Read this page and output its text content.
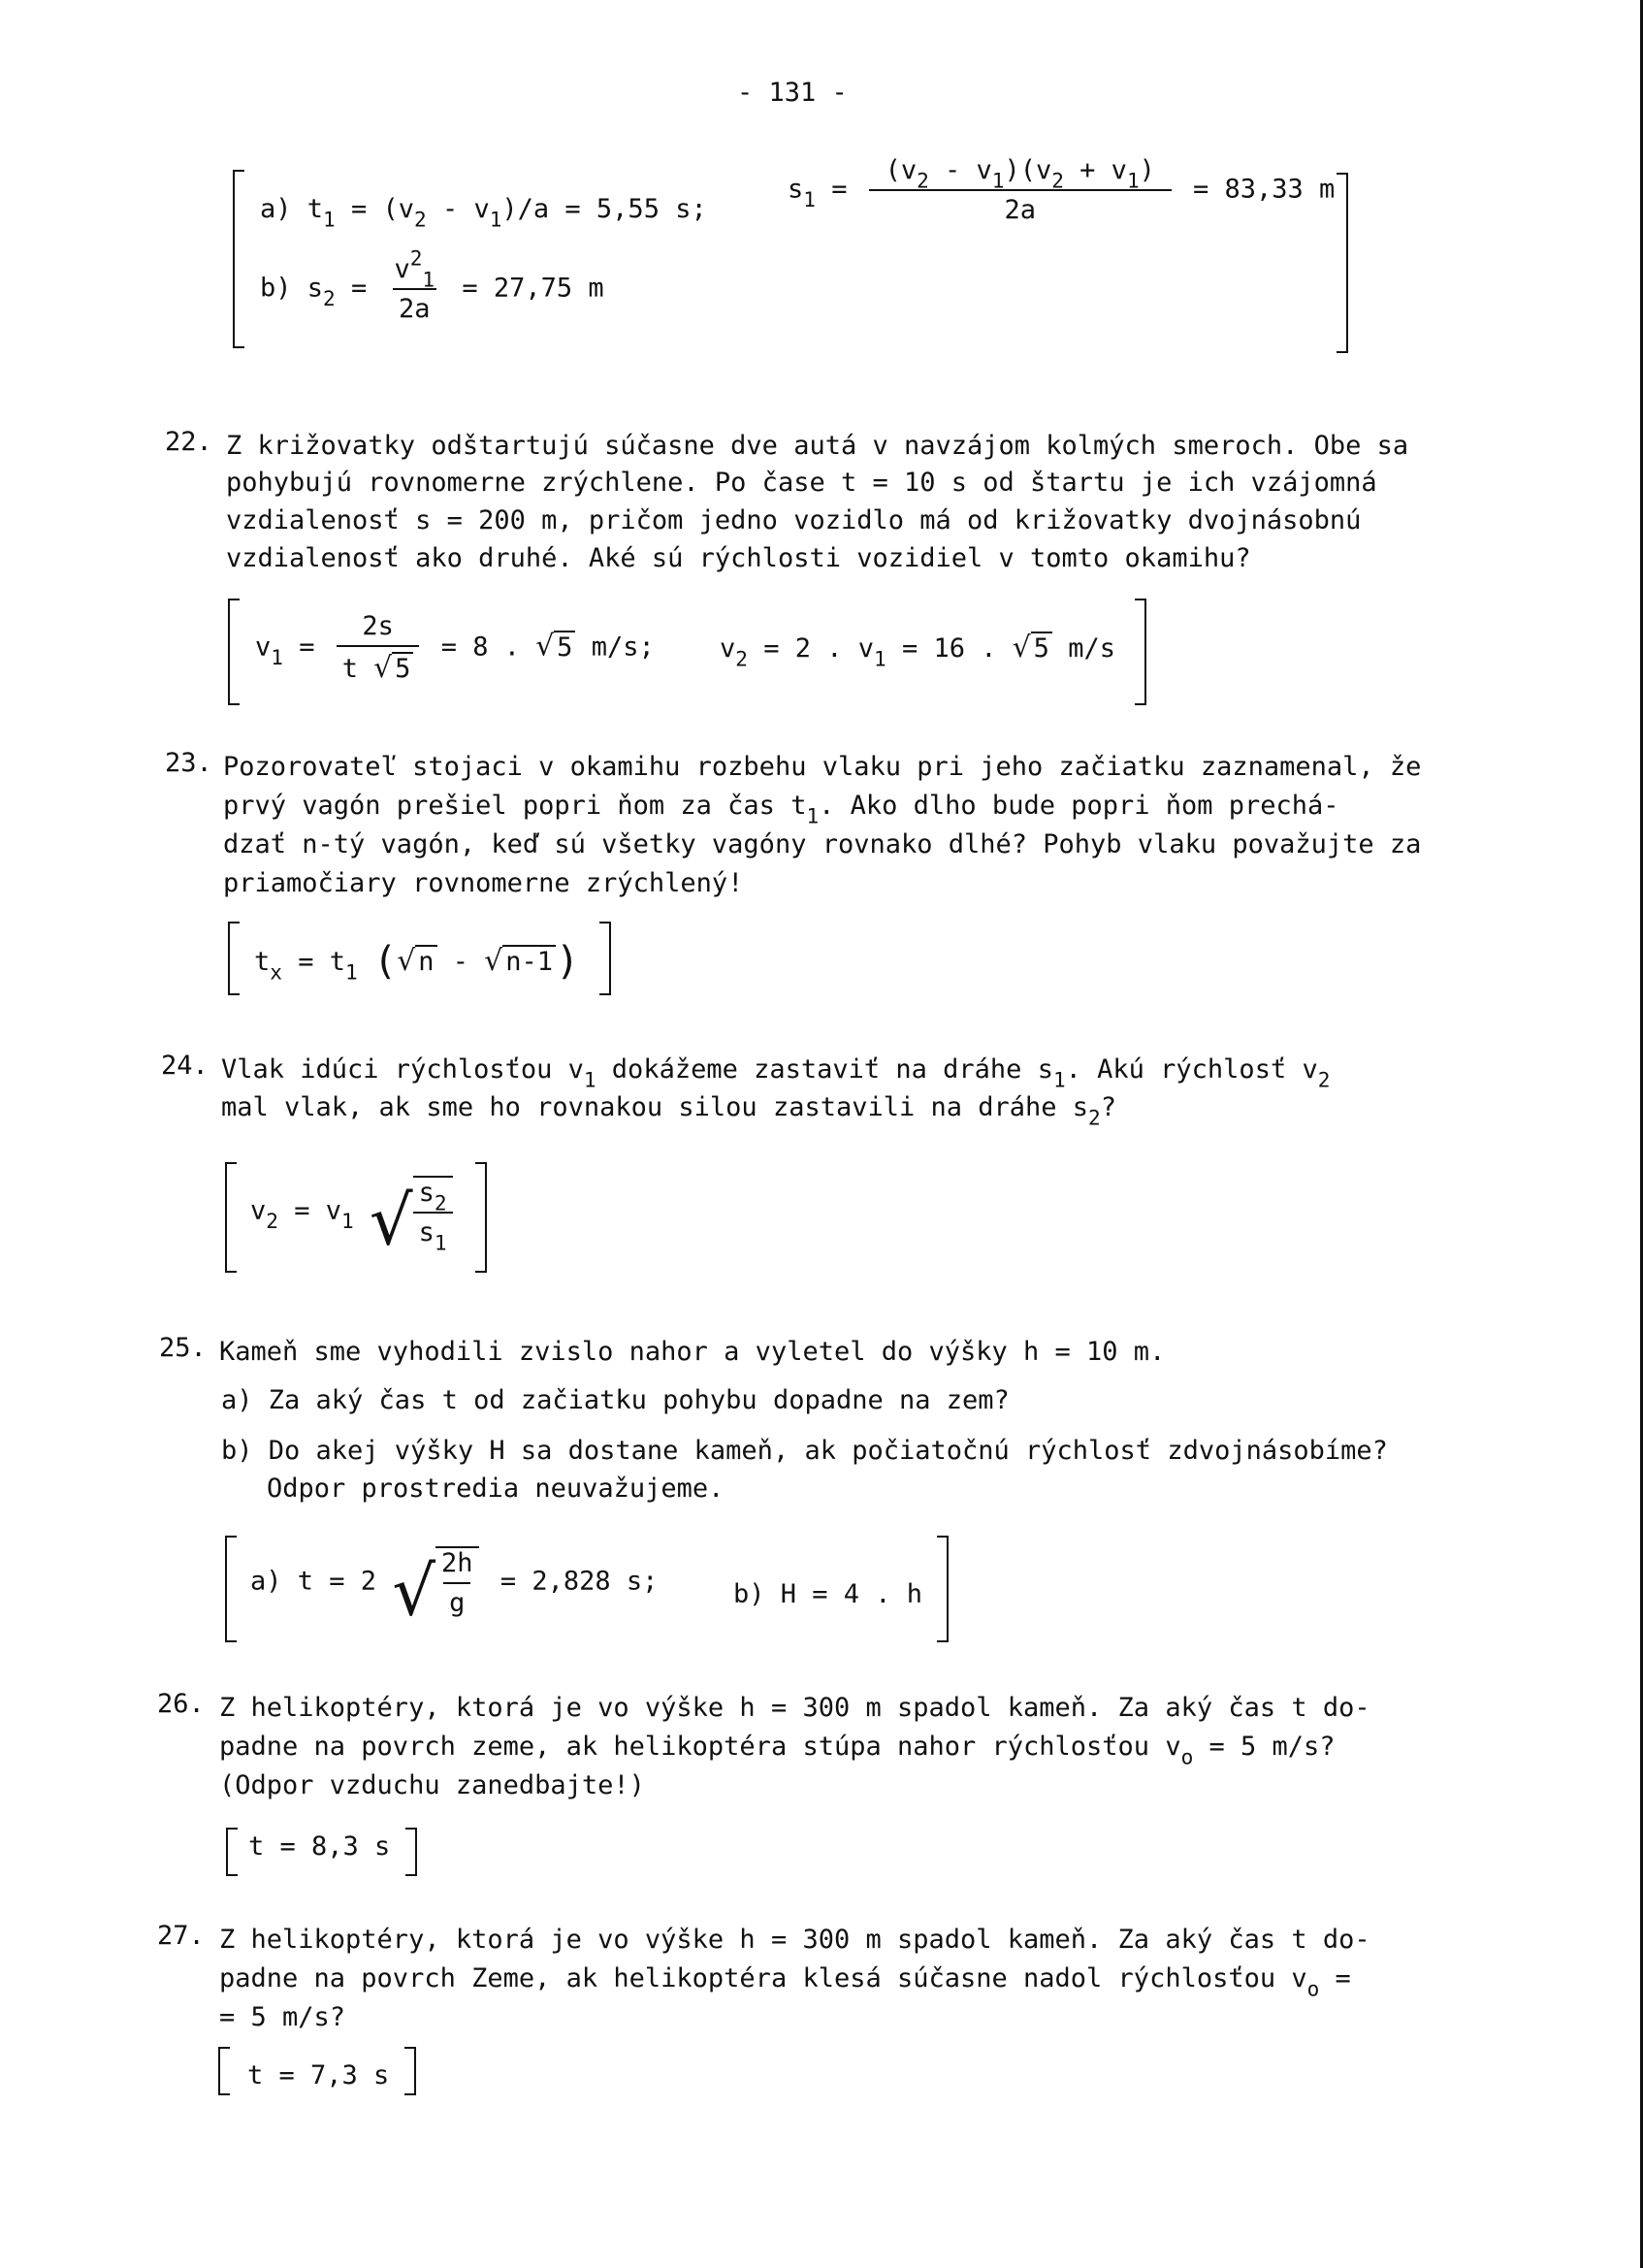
- 131 -
a) $t_1 = (v_2 - v_1)/a = 5,55$ s;
$s_1 = \frac{(v_2 - v_1)(v_2 + v_1)}{2a} = 83,33$ m
b) $s_2 = \frac{v^2_1}{2a} = 27,75$ m
22. Z križovatky odštartujú súčasne dve autá v navzájom kolmých smeroch. Obe sa
pohybujú rovnomerne zrýchlene. Po čase t = 10 s od štartu je ich vzájomná
vzdialenosť s = 200 m, pričom jedno vozidlo má od križovatky dvojnásobnú
vzdialenosť ako druhé. Aké sú rýchlosti vozidiel v tomto okamihu?
$v_1 = \frac{2s}{t √ 5} = 8$ . √ 5 m/s; $v_2 = 2$ . $v_1 = 16$ . √ 5 m/s
23. Pozorovateľ stojaci v okamihu rozbehu vlaku pri jeho začiatku zaznamenal, že
prvý vagón prešiel popri ňom za čas $t_1$. Ako dlho bude popri ňom prechá-
dzať n-tý vagón, keď sú všetky vagóny rovnako dlhé? Pohyb vlaku považujte za
priamočiary rovnomerne zrýchlený!
$t_x = t_1$ (√ n - √ n-1)
24. Vlak idúci rýchlosťou $v_1$ dokážeme zastaviť na dráhe $s_1$. Akú rýchlosť $v_2$
mal vlak, ak sme ho rovnakou silou zastavili na dráhe $s_2$?
$v_2 = v_1$ √ $\frac{s_2}{s_1}$
25. Kameň sme vyhodili zvislo nahor a vyletel do výšky h = 10 m.
a) Za aký čas t od začiatku pohybu dopadne na zem?
b) Do akej výšky H sa dostane kameň, ak počiatočnú rýchlosť zdvojnásobíme?
Odpor prostredia neuvažujeme.
a) t = 2 √ $\frac{2h}{g} = 2,828$ s;	b) H = 4 . h
26. Z helikoptéry, ktorá je vo výške h = 300 m spadol kameň. Za aký čas t do-
padne na povrch zeme, ak helikoptéra stúpa nahor rýchlosťou $v_o = 5$ m/s?
(Odpor vzduchu zanedbajte!)
t = 8,3 s
27. Z helikoptéry, ktorá je vo výške h = 300 m spadol kameň. Za aký čas t do-
padne na povrch Zeme, ak helikoptéra klesá súčasne nadol rýchlosťou $v_o$ =
= 5 m/s?
t = 7,3 s
